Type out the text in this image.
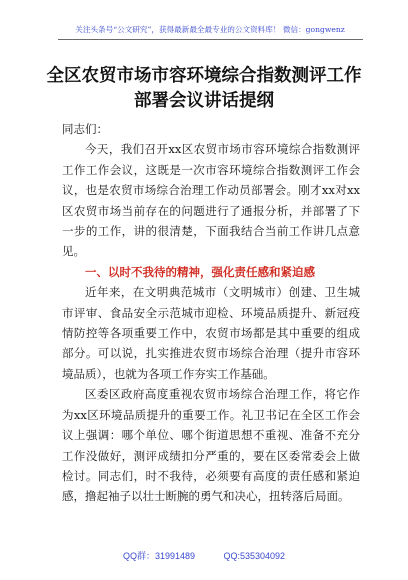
关注头条号“公文研究”，获得最新最全最专业的公文资料库！ 微信：gongwenz
全区农贸市场市容环境综合指数测评工作
部署会议讲话提纲

同志们：

今天，我们召开xx区农贸市场市容环境综合指数测评工作工作会议，这既是一次市容环境综合指数测评工作会议，也是农贸市场综合治理工作动员部署会。刚才xx对xx区农贸市场当前存在的问题进行了通报分析，并部署了下一步的工作，讲的很清楚，下面我结合当前工作讲几点意见。

一、以时不我待的精神，强化责任感和紧迫感

近年来，在文明典范城市（文明城市）创建、卫生城市评审、食品安全示范城市迎检、环境品质提升、新冠疫情防控等各项重要工作中，农贸市场都是其中重要的组成部分。可以说，扎实推进农贸市场综合治理（提升市容环境品质），也就为各项工作夯实工作基础。

区委区政府高度重视农贸市场综合治理工作，将它作为xx区环境品质提升的重要工作。礼卫书记在全区工作会议上强调：哪个单位、哪个街道思想不重视、准备不充分工作没做好，测评成绩扣分严重的，要在区委常委会上做检讨。同志们，时不我待，必须要有高度的责任感和紧迫感，撸起袖子以壮士断腕的勇气和决心，扭转落后局面。

QQ群：31991489	QQ:535304092
